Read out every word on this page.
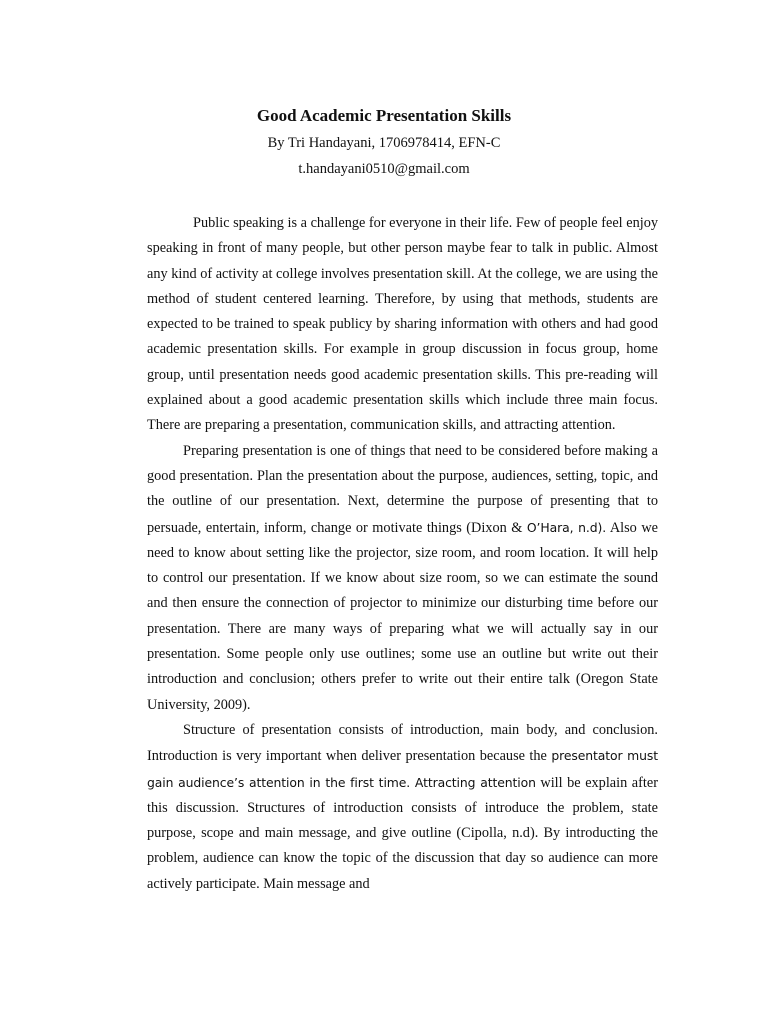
Good Academic Presentation Skills

By Tri Handayani, 1706978414, EFN-C

t.handayani0510@gmail.com

Public speaking is a challenge for everyone in their life. Few of people feel enjoy speaking in front of many people, but other person maybe fear to talk in public. Almost any kind of activity at college involves presentation skill. At the college, we are using the method of student centered learning. Therefore, by using that methods, students are expected to be trained to speak publicy by sharing information with others and had good academic presentation skills. For example in group discussion in focus group, home group, until presentation needs good academic presentation skills. This pre-reading will explained about a good academic presentation skills which include three main focus. There are preparing a presentation, communication skills, and attracting attention.

Preparing presentation is one of things that need to be considered before making a good presentation. Plan the presentation about the purpose, audiences, setting, topic, and the outline of our presentation. Next, determine the purpose of presenting that to persuade, entertain, inform, change or motivate things (Dixon & O’Hara, n.d). Also we need to know about setting like the projector, size room, and room location. It will help to control our presentation. If we know about size room, so we can estimate the sound and then ensure the connection of projector to minimize our disturbing time before our presentation. There are many ways of preparing what we will actually say in our presentation. Some people only use outlines; some use an outline but write out their introduction and conclusion; others prefer to write out their entire talk (Oregon State University, 2009).

Structure of presentation consists of introduction, main body, and conclusion. Introduction is very important when deliver presentation because the presentator must gain audience’s attention in the first time. Attracting attention will be explain after this discussion. Structures of introduction consists of introduce the problem, state purpose, scope and main message, and give outline (Cipolla, n.d). By introducting the problem, audience can know the topic of the discussion that day so audience can more actively participate. Main message and
